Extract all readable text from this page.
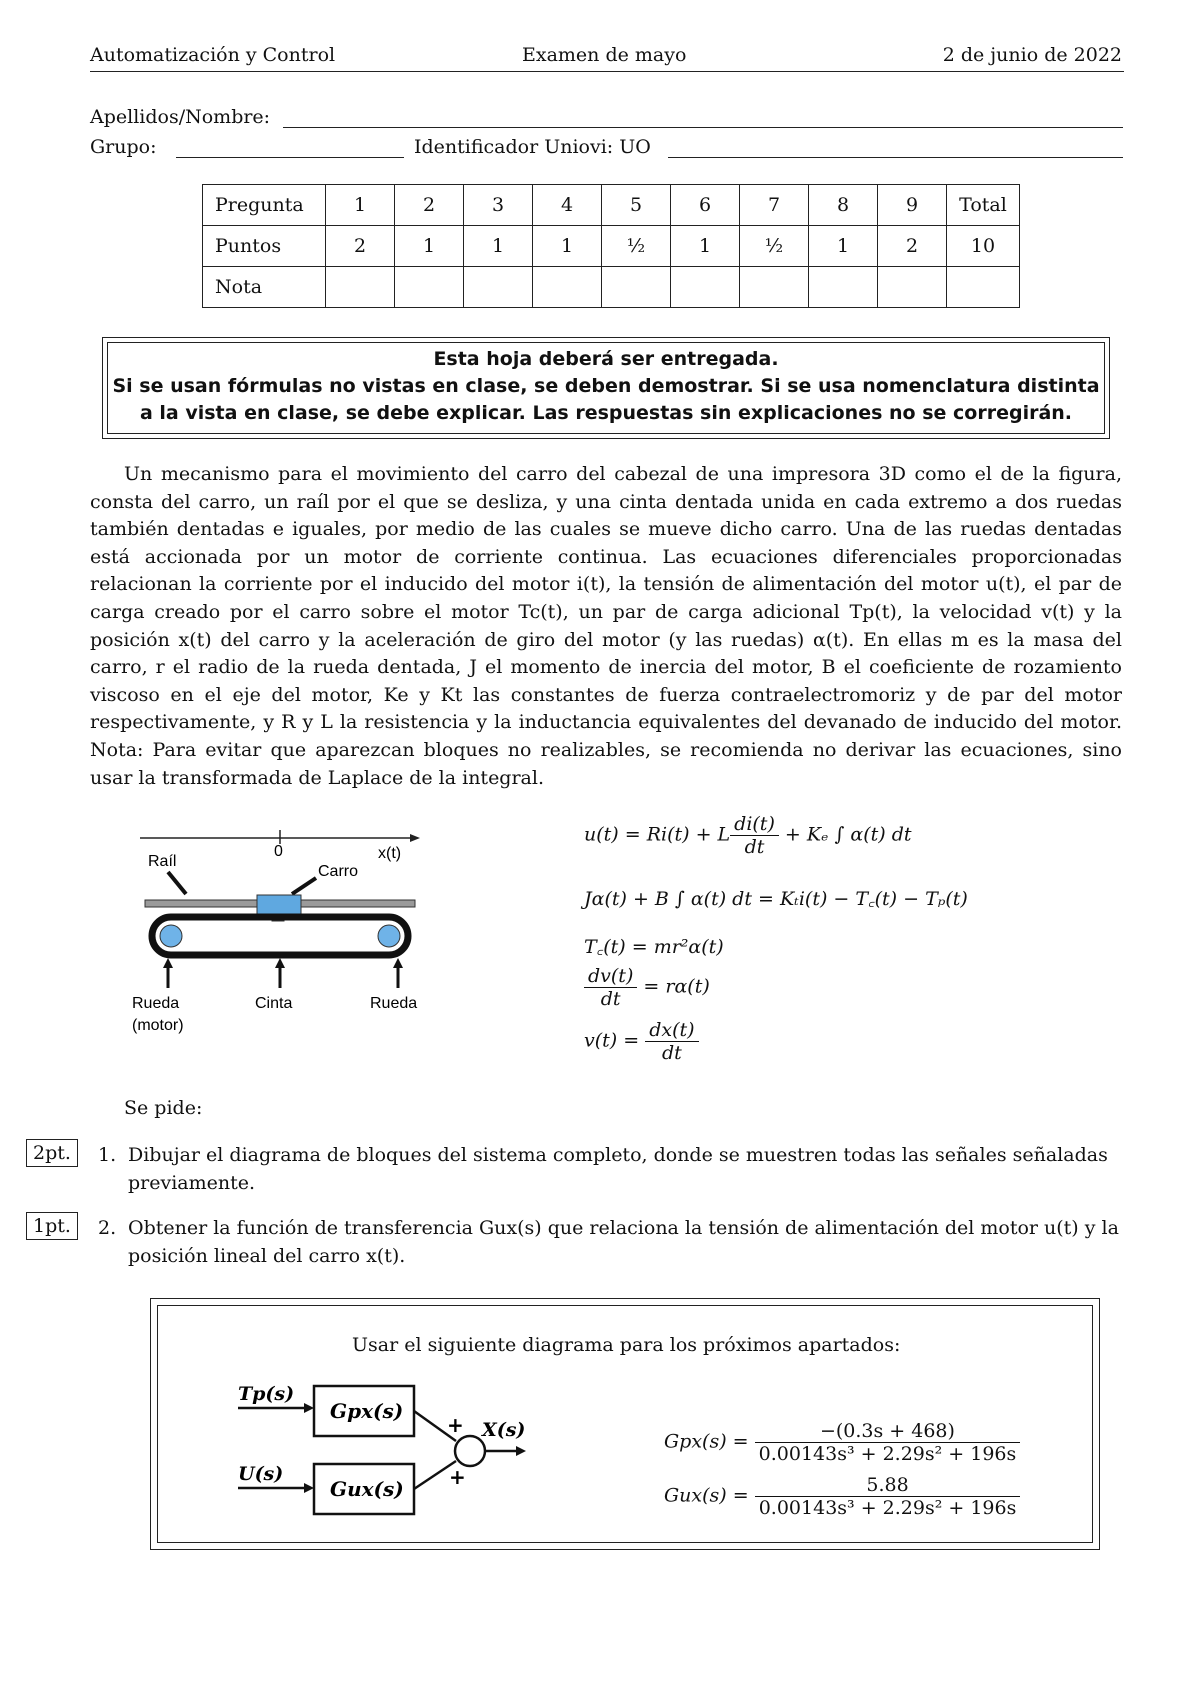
Automatización y Control	Examen de mayo	2 de junio de 2022
Apellidos/Nombre:
Grupo:	Identificador Uniovi: UO
Pregunta	1	2	3	4	5	6	7	8	9	Total
Puntos	2	1	1	1	½	1	½	1	2	10
Nota										
Esta hoja deberá ser entregada.
Si se usan fórmulas no vistas en clase, se deben demostrar. Si se usa nomenclatura distinta
a la vista en clase, se debe explicar. Las respuestas sin explicaciones no se corregirán.

Un mecanismo para el movimiento del carro del cabezal de una impresora 3D como el de la figura, consta del carro, un raíl por el que se desliza, y una cinta dentada unida en cada extremo a dos ruedas también dentadas e iguales, por medio de las cuales se mueve dicho carro. Una de las ruedas dentadas está accionada por un motor de corriente continua. Las ecuaciones diferenciales proporcionadas relacionan la corriente por el inducido del motor i(t), la tensión de alimentación del motor u(t), el par de carga creado por el carro sobre el motor Tc(t), un par de carga adicional Tp(t), la velocidad v(t) y la posición x(t) del carro y la aceleración de giro del motor (y las ruedas) α(t). En ellas m es la masa del carro, r el radio de la rueda dentada, J el momento de inercia del motor, B el coeficiente de rozamiento viscoso en el eje del motor, Ke y Kt las constantes de fuerza contraelectromoriz y de par del motor respectivamente, y R y L la resistencia y la inductancia equivalentes del devanado de inducido del motor. Nota: Para evitar que aparezcan bloques no realizables, se recomienda no derivar las ecuaciones, sino usar la transformada de Laplace de la integral.

0	x(t)
Raíl
Carro
Rueda
(motor)
Cinta	Rueda
u(t) = Ri(t) + L $\frac{di(t)}{dt} + K_e$ ∫ α(t) dt
Jα(t) + B ∫ α(t) dt = Kₜi(t) − T꜀(t) − Tₚ(t)
T꜀(t) = mr²α(t)
$\frac{dv(t)}{dt} = r\alpha(t)$
$v(t) = \frac{dx(t)}{dt}$
Se pide:
2pt.	1. Dibujar el diagrama de bloques del sistema completo, donde se muestren todas las señales señaladas previamente.
1pt.	2. Obtener la función de transferencia Gux(s) que relaciona la tensión de alimentación del motor u(t) y la posición lineal del carro x(t).
Usar el siguiente diagrama para los próximos apartados:
Tp(s)
Gpx(s)
U(s)
Gux(s)
+
+
X(s)
$Gpx(s) = \frac{-(0.3s + 468)}{\text{0.00143s³ + 2.29s² + 196s}}$
$Gux(s) = \frac{5.88}{\text{0.00143s³ + 2.29s² + 196s}}$
